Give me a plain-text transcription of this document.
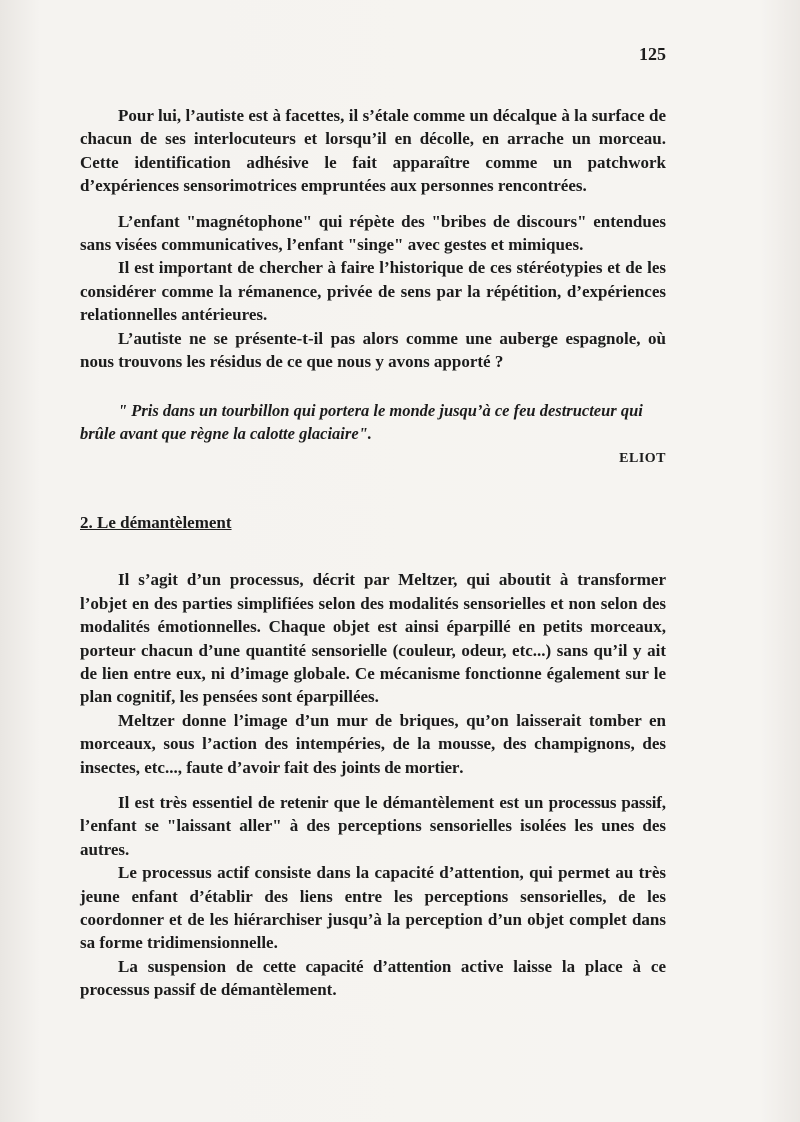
125

Pour lui, l’autiste est à facettes, il s’étale comme un décalque à la surface de chacun de ses interlocuteurs et lorsqu’il en décolle, en arrache un morceau. Cette identification adhésive le fait apparaître comme un patchwork d’expériences sensorimotrices empruntées aux personnes rencontrées.

L’enfant "magnétophone" qui répète des "bribes de discours" entendues sans visées communicatives, l’enfant "singe" avec gestes et mimiques.

Il est important de chercher à faire l’historique de ces stéréotypies et de les considérer comme la rémanence, privée de sens par la répétition, d’expériences relationnelles antérieures.

L’autiste ne se présente-t-il pas alors comme une auberge espagnole, où nous trouvons les résidus de ce que nous y avons apporté ?

" Pris dans un tourbillon qui portera le monde jusqu’à ce feu destructeur qui brûle avant que règne la calotte glaciaire".

ELIOT

2. Le démantèlement

Il s’agit d’un processus, décrit par Meltzer, qui aboutit à transformer l’objet en des parties simplifiées selon des modalités sensorielles et non selon des modalités émotionnelles. Chaque objet est ainsi éparpillé en petits morceaux, porteur chacun d’une quantité sensorielle (couleur, odeur, etc...) sans qu’il y ait de lien entre eux, ni d’image globale. Ce mécanisme fonctionne également sur le plan cognitif, les pensées sont éparpillées.

Meltzer donne l’image d’un mur de briques, qu’on laisserait tomber en morceaux, sous l’action des intempéries, de la mousse, des champignons, des insectes, etc..., faute d’avoir fait des joints de mortier.

Il est très essentiel de retenir que le démantèlement est un processus passif, l’enfant se "laissant aller" à des perceptions sensorielles isolées les unes des autres.

Le processus actif consiste dans la capacité d’attention, qui permet au très jeune enfant d’établir des liens entre les perceptions sensorielles, de les coordonner et de les hiérarchiser jusqu’à la perception d’un objet complet dans sa forme tridimensionnelle.

La suspension de cette capacité d’attention active laisse la place à ce processus passif de démantèlement.
